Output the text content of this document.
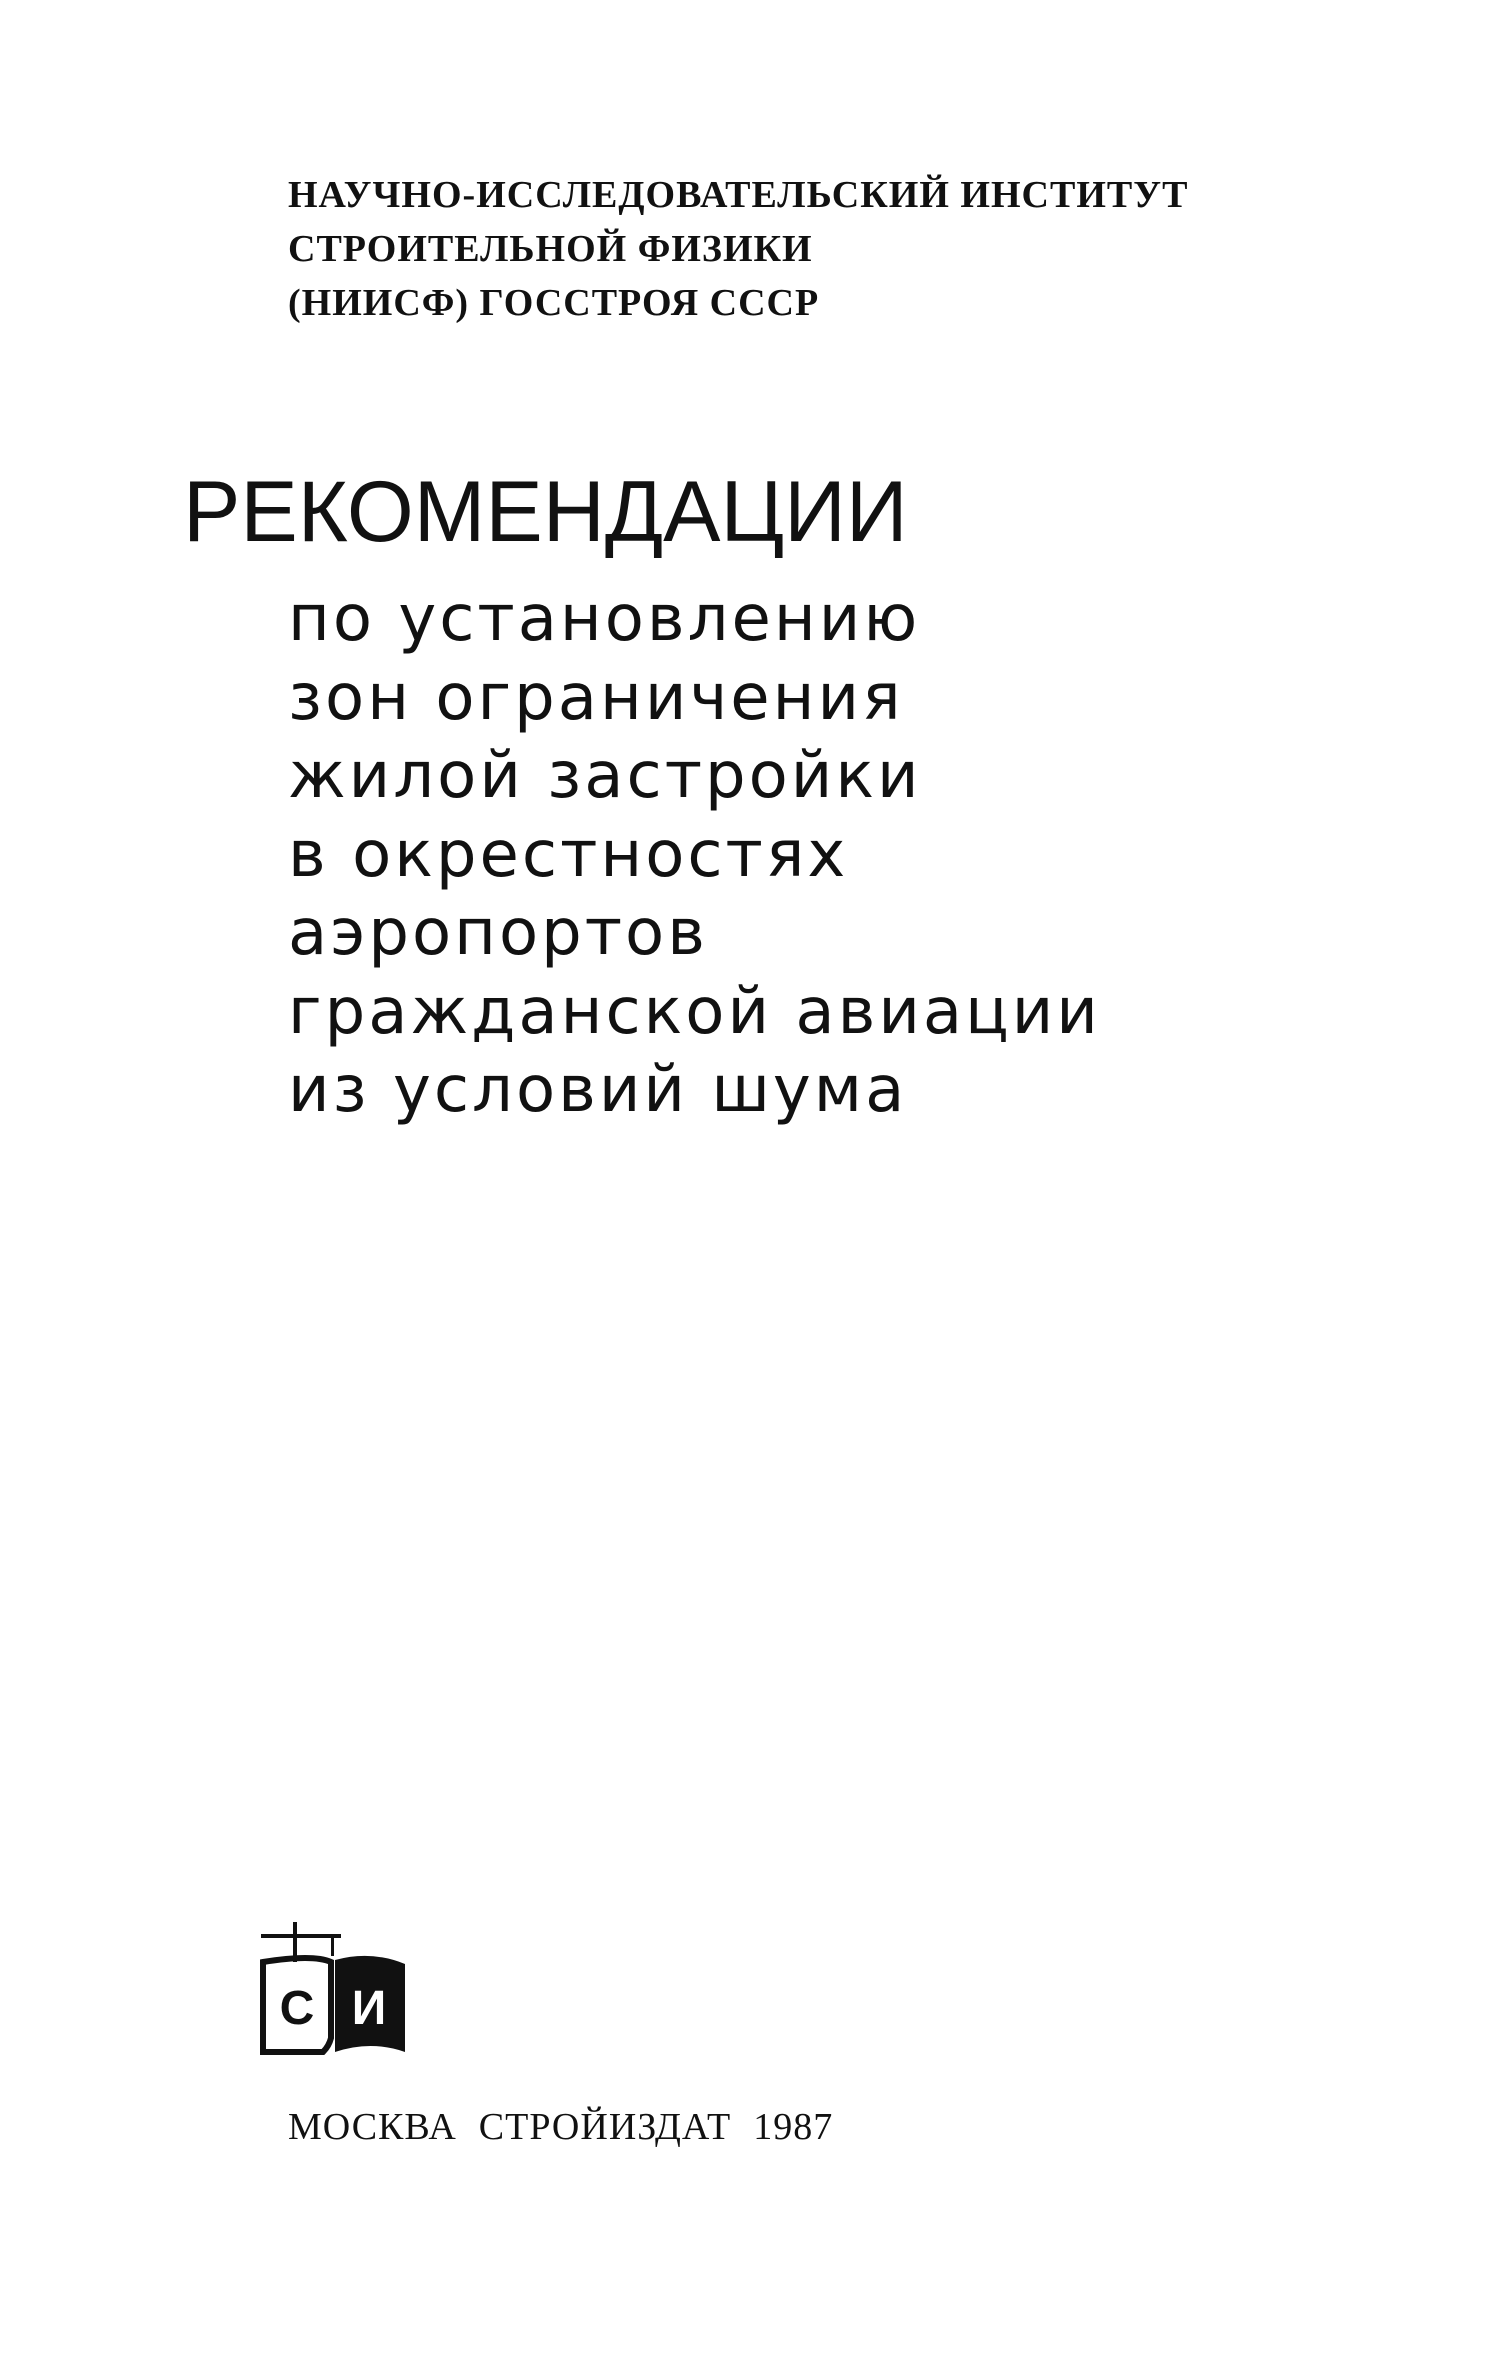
НАУЧНО-ИССЛЕДОВАТЕЛЬСКИЙ ИНСТИТУТ
СТРОИТЕЛЬНОЙ ФИЗИКИ
(НИИСФ) ГОССТРОЯ СССР
РЕКОМЕНДАЦИИ
по установлению
зон ограничения
жилой застройки
в окрестностях
аэропортов
гражданской авиации
из условий шума
С И
МОСКВА СТРОЙИЗДАТ 1987
